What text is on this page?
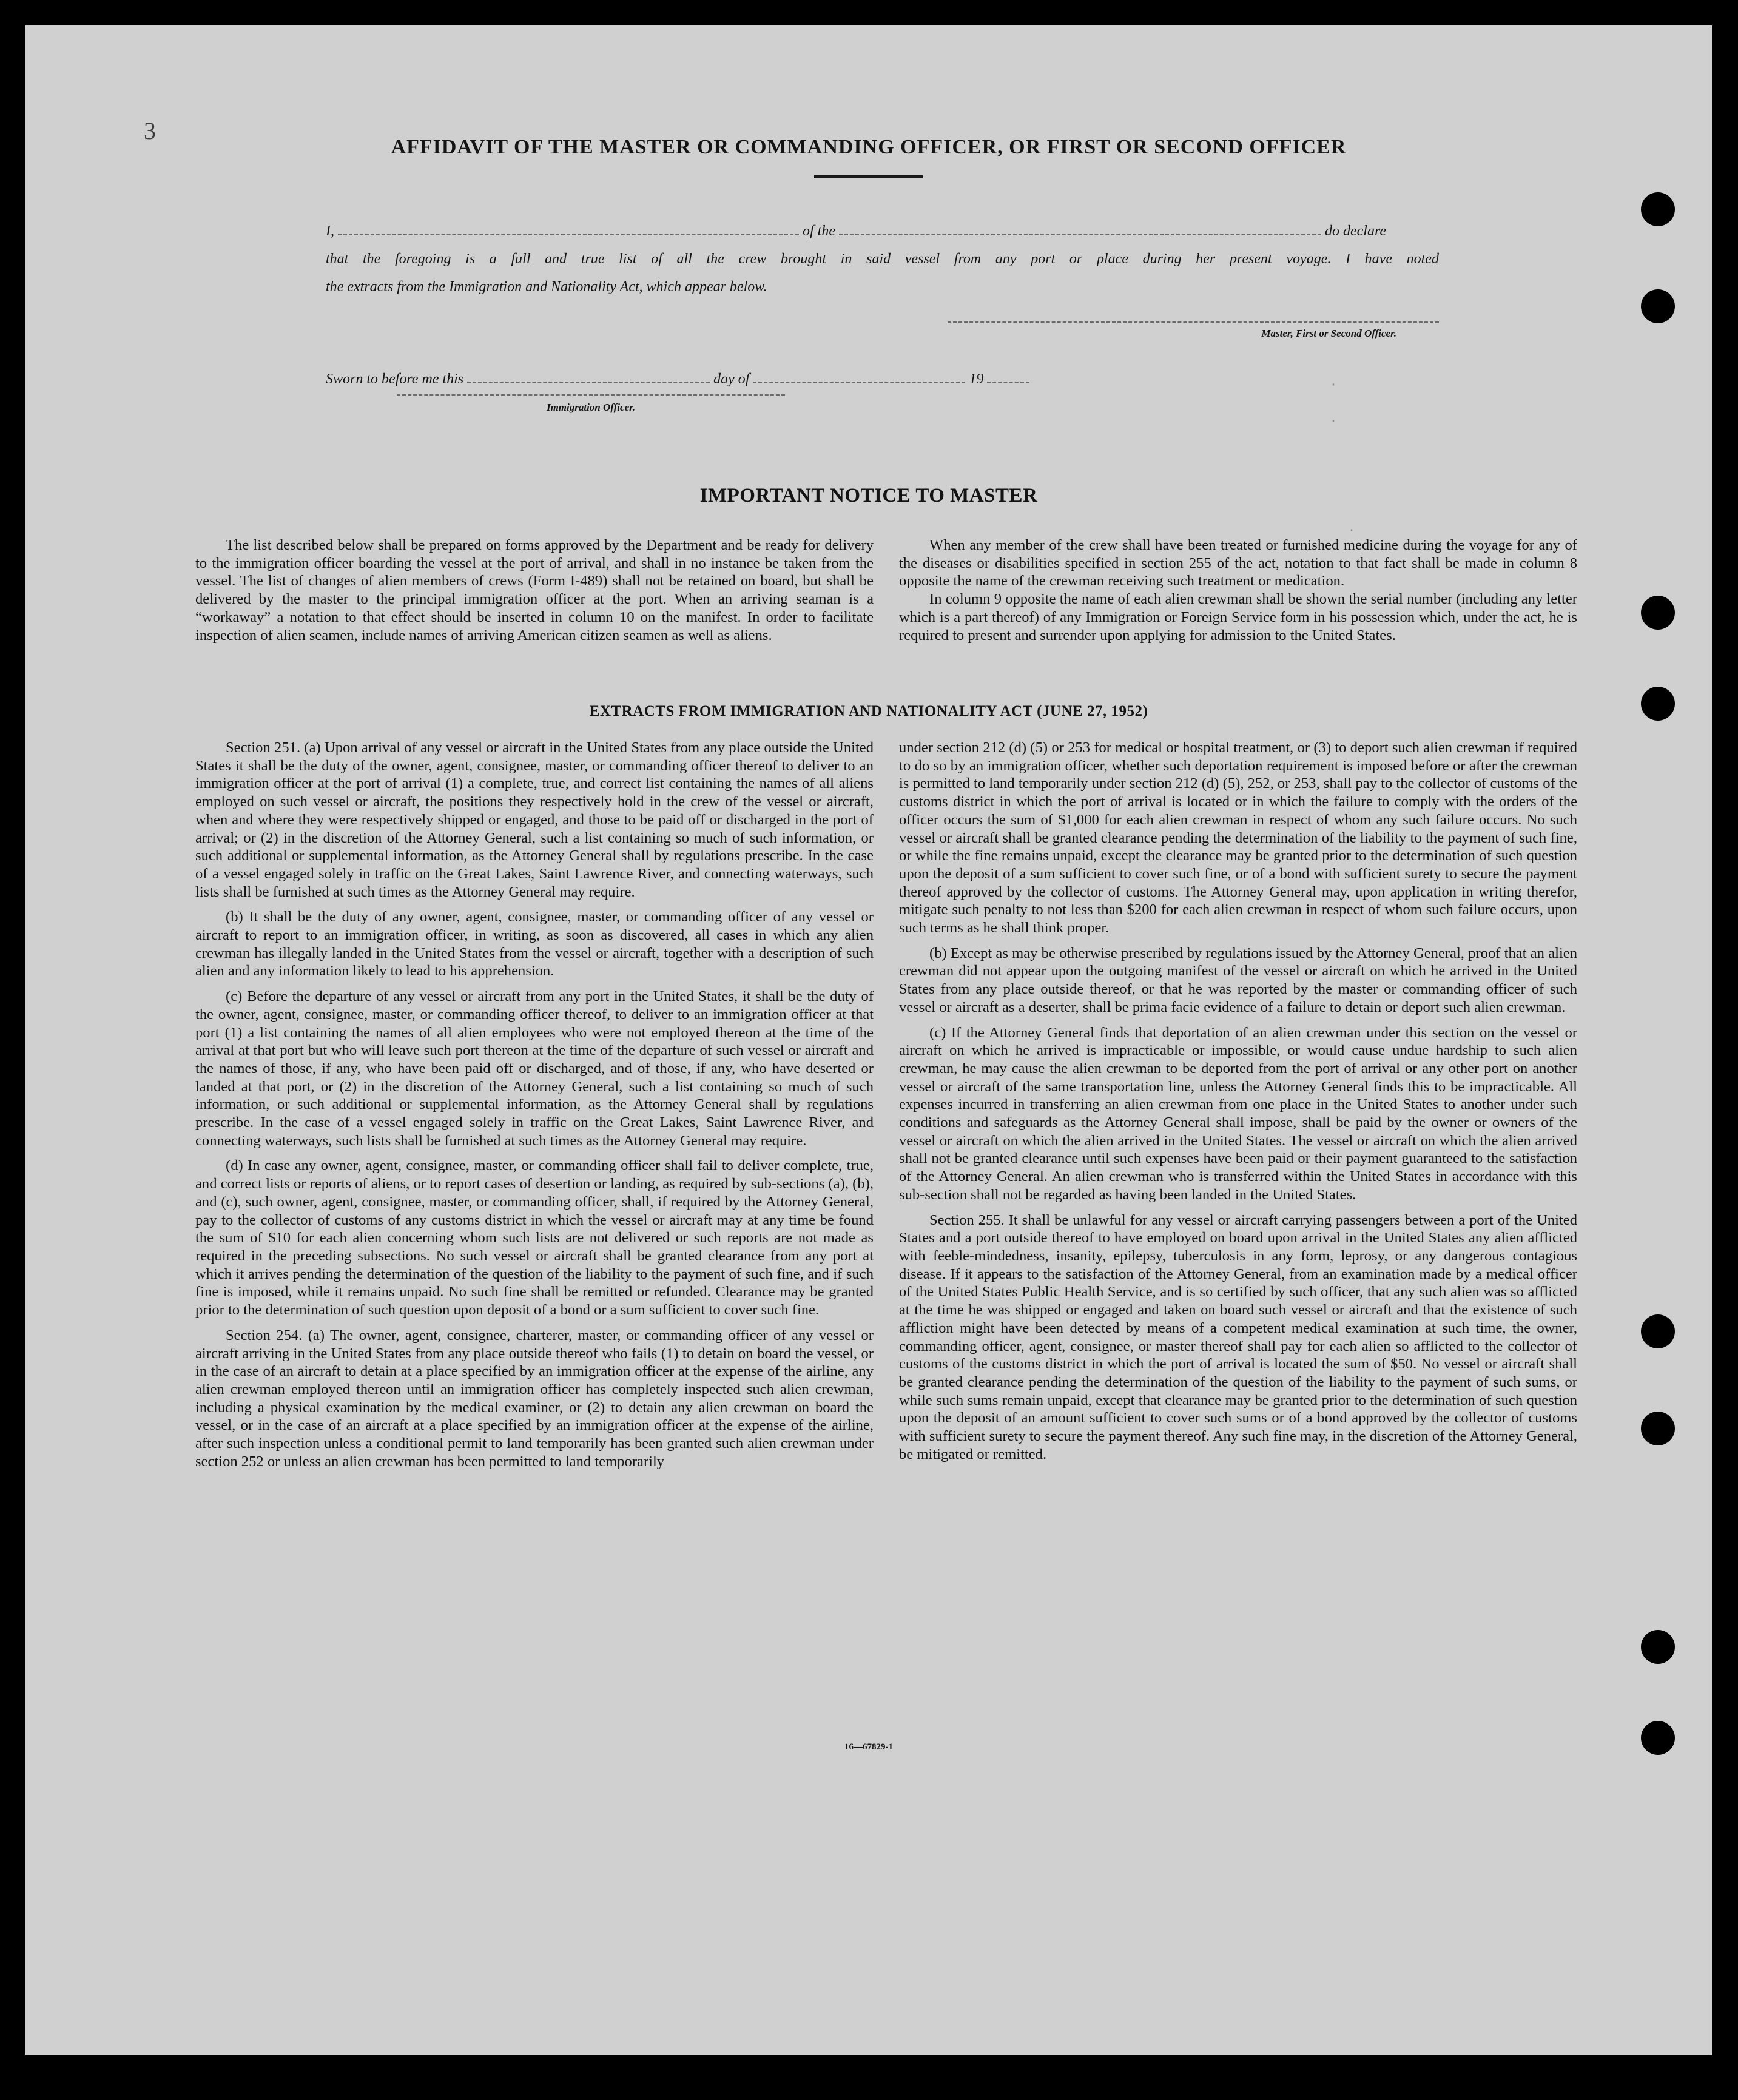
3
AFFIDAVIT OF THE MASTER OR COMMANDING OFFICER, OR FIRST OR SECOND OFFICER
I,	of the	do declare
that the foregoing is a full and true list of all the crew brought in said vessel from any port or place during her present voyage. I have noted
the extracts from the Immigration and Nationality Act, which appear below.
Master, First or Second Officer.
Sworn to before me this	day of	19
Immigration Officer.
IMPORTANT NOTICE TO MASTER

The list described below shall be prepared on forms approved by the Department and be ready for delivery to the immigration officer boarding the vessel at the port of arrival, and shall in no instance be taken from the vessel. The list of changes of alien members of crews (Form I-489) shall not be retained on board, but shall be delivered by the master to the principal immigration officer at the port. When an arriving seaman is a “workaway” a notation to that effect should be inserted in column 10 on the manifest. In order to facilitate inspection of alien seamen, include names of arriving American citizen seamen as well as aliens.

When any member of the crew shall have been treated or furnished medicine during the voyage for any of the diseases or disabilities specified in section 255 of the act, notation to that fact shall be made in column 8 opposite the name of the crewman receiving such treatment or medication.

In column 9 opposite the name of each alien crewman shall be shown the serial number (including any letter which is a part thereof) of any Immigration or Foreign Service form in his possession which, under the act, he is required to present and surrender upon applying for admission to the United States.

EXTRACTS FROM IMMIGRATION AND NATIONALITY ACT (JUNE 27, 1952)

Section 251. (a) Upon arrival of any vessel or aircraft in the United States from any place outside the United States it shall be the duty of the owner, agent, consignee, master, or commanding officer thereof to deliver to an immigration officer at the port of arrival (1) a complete, true, and correct list containing the names of all aliens employed on such vessel or aircraft, the positions they respectively hold in the crew of the vessel or aircraft, when and where they were respectively shipped or engaged, and those to be paid off or discharged in the port of arrival; or (2) in the discretion of the Attorney General, such a list containing so much of such information, or such additional or supplemental information, as the Attorney General shall by regulations prescribe. In the case of a vessel engaged solely in traffic on the Great Lakes, Saint Lawrence River, and connecting waterways, such lists shall be furnished at such times as the Attorney General may require.

(b) It shall be the duty of any owner, agent, consignee, master, or commanding officer of any vessel or aircraft to report to an immigration officer, in writing, as soon as discovered, all cases in which any alien crewman has illegally landed in the United States from the vessel or aircraft, together with a description of such alien and any information likely to lead to his apprehension.

(c) Before the departure of any vessel or aircraft from any port in the United States, it shall be the duty of the owner, agent, consignee, master, or commanding officer thereof, to deliver to an immigration officer at that port (1) a list containing the names of all alien employees who were not employed thereon at the time of the arrival at that port but who will leave such port thereon at the time of the departure of such vessel or aircraft and the names of those, if any, who have been paid off or discharged, and of those, if any, who have deserted or landed at that port, or (2) in the discretion of the Attorney General, such a list containing so much of such information, or such additional or supplemental information, as the Attorney General shall by regulations prescribe. In the case of a vessel engaged solely in traffic on the Great Lakes, Saint Lawrence River, and connecting waterways, such lists shall be furnished at such times as the Attorney General may require.

(d) In case any owner, agent, consignee, master, or commanding officer shall fail to deliver complete, true, and correct lists or reports of aliens, or to report cases of desertion or landing, as required by sub-sections (a), (b), and (c), such owner, agent, consignee, master, or commanding officer, shall, if required by the Attorney General, pay to the collector of customs of any customs district in which the vessel or aircraft may at any time be found the sum of $10 for each alien concerning whom such lists are not delivered or such reports are not made as required in the preceding subsections. No such vessel or aircraft shall be granted clearance from any port at which it arrives pending the determination of the question of the liability to the payment of such fine, and if such fine is imposed, while it remains unpaid. No such fine shall be remitted or refunded. Clearance may be granted prior to the determination of such question upon deposit of a bond or a sum sufficient to cover such fine.

Section 254. (a) The owner, agent, consignee, charterer, master, or commanding officer of any vessel or aircraft arriving in the United States from any place outside thereof who fails (1) to detain on board the vessel, or in the case of an aircraft to detain at a place specified by an immigration officer at the expense of the airline, any alien crewman employed thereon until an immigration officer has completely inspected such alien crewman, including a physical examination by the medical examiner, or (2) to detain any alien crewman on board the vessel, or in the case of an aircraft at a place specified by an immigration officer at the expense of the airline, after such inspection unless a conditional permit to land temporarily has been granted such alien crewman under section 252 or unless an alien crewman has been permitted to land temporarily

under section 212 (d) (5) or 253 for medical or hospital treatment, or (3) to deport such alien crewman if required to do so by an immigration officer, whether such deportation requirement is imposed before or after the crewman is permitted to land temporarily under section 212 (d) (5), 252, or 253, shall pay to the collector of customs of the customs district in which the port of arrival is located or in which the failure to comply with the orders of the officer occurs the sum of $1,000 for each alien crewman in respect of whom any such failure occurs. No such vessel or aircraft shall be granted clearance pending the determination of the liability to the payment of such fine, or while the fine remains unpaid, except the clearance may be granted prior to the determination of such question upon the deposit of a sum sufficient to cover such fine, or of a bond with sufficient surety to secure the payment thereof approved by the collector of customs. The Attorney General may, upon application in writing therefor, mitigate such penalty to not less than $200 for each alien crewman in respect of whom such failure occurs, upon such terms as he shall think proper.

(b) Except as may be otherwise prescribed by regulations issued by the Attorney General, proof that an alien crewman did not appear upon the outgoing manifest of the vessel or aircraft on which he arrived in the United States from any place outside thereof, or that he was reported by the master or commanding officer of such vessel or aircraft as a deserter, shall be prima facie evidence of a failure to detain or deport such alien crewman.

(c) If the Attorney General finds that deportation of an alien crewman under this section on the vessel or aircraft on which he arrived is impracticable or impossible, or would cause undue hardship to such alien crewman, he may cause the alien crewman to be deported from the port of arrival or any other port on another vessel or aircraft of the same transportation line, unless the Attorney General finds this to be impracticable. All expenses incurred in transferring an alien crewman from one place in the United States to another under such conditions and safeguards as the Attorney General shall impose, shall be paid by the owner or owners of the vessel or aircraft on which the alien arrived in the United States. The vessel or aircraft on which the alien arrived shall not be granted clearance until such expenses have been paid or their payment guaranteed to the satisfaction of the Attorney General. An alien crewman who is transferred within the United States in accordance with this sub-section shall not be regarded as having been landed in the United States.

Section 255. It shall be unlawful for any vessel or aircraft carrying passengers between a port of the United States and a port outside thereof to have employed on board upon arrival in the United States any alien afflicted with feeble-mindedness, insanity, epilepsy, tuberculosis in any form, leprosy, or any dangerous contagious disease. If it appears to the satisfaction of the Attorney General, from an examination made by a medical officer of the United States Public Health Service, and is so certified by such officer, that any such alien was so afflicted at the time he was shipped or engaged and taken on board such vessel or aircraft and that the existence of such affliction might have been detected by means of a competent medical examination at such time, the owner, commanding officer, agent, consignee, or master thereof shall pay for each alien so afflicted to the collector of customs of the customs district in which the port of arrival is located the sum of $50. No vessel or aircraft shall be granted clearance pending the determination of the question of the liability to the payment of such sums, or while such sums remain unpaid, except that clearance may be granted prior to the determination of such question upon the deposit of an amount sufficient to cover such sums or of a bond approved by the collector of customs with sufficient surety to secure the payment thereof. Any such fine may, in the discretion of the Attorney General, be mitigated or remitted.

16—67829-1
·
·
·
